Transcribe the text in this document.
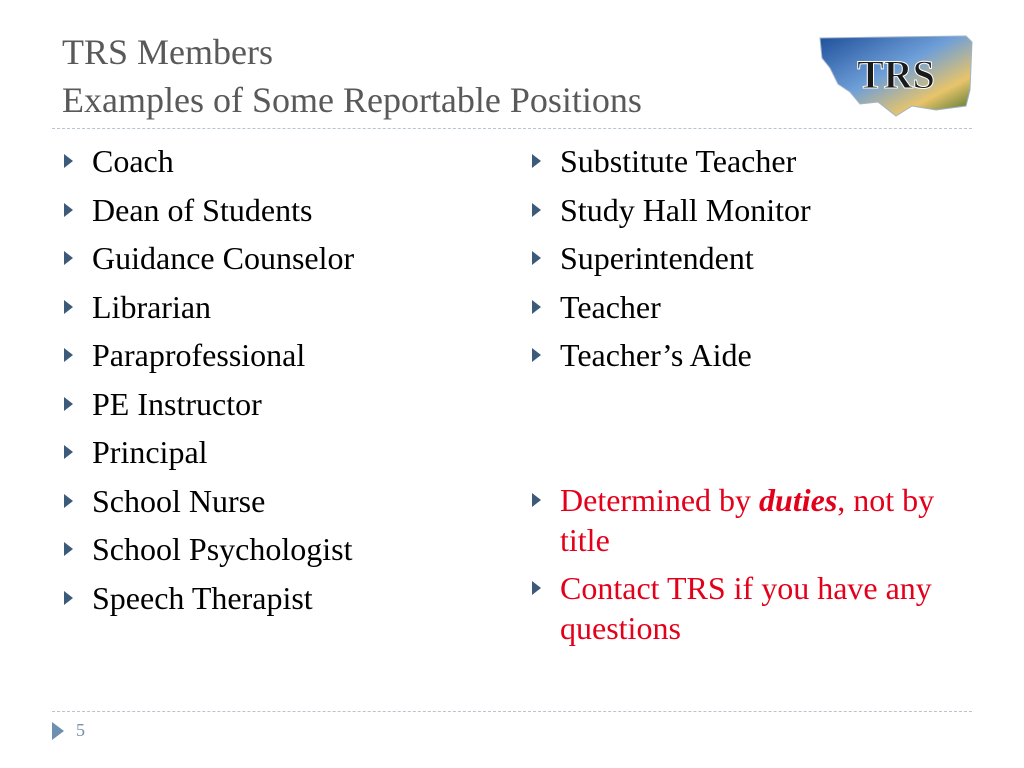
TRS Members
Examples of Some Reportable Positions
TRS
Coach
Dean of Students
Guidance Counselor
Librarian
Paraprofessional
PE Instructor
Principal
School Nurse
School Psychologist
Speech Therapist
Substitute Teacher
Study Hall Monitor
Superintendent
Teacher
Teacher’s Aide
Determined by duties, not by title
Contact TRS if you have any questions
5
